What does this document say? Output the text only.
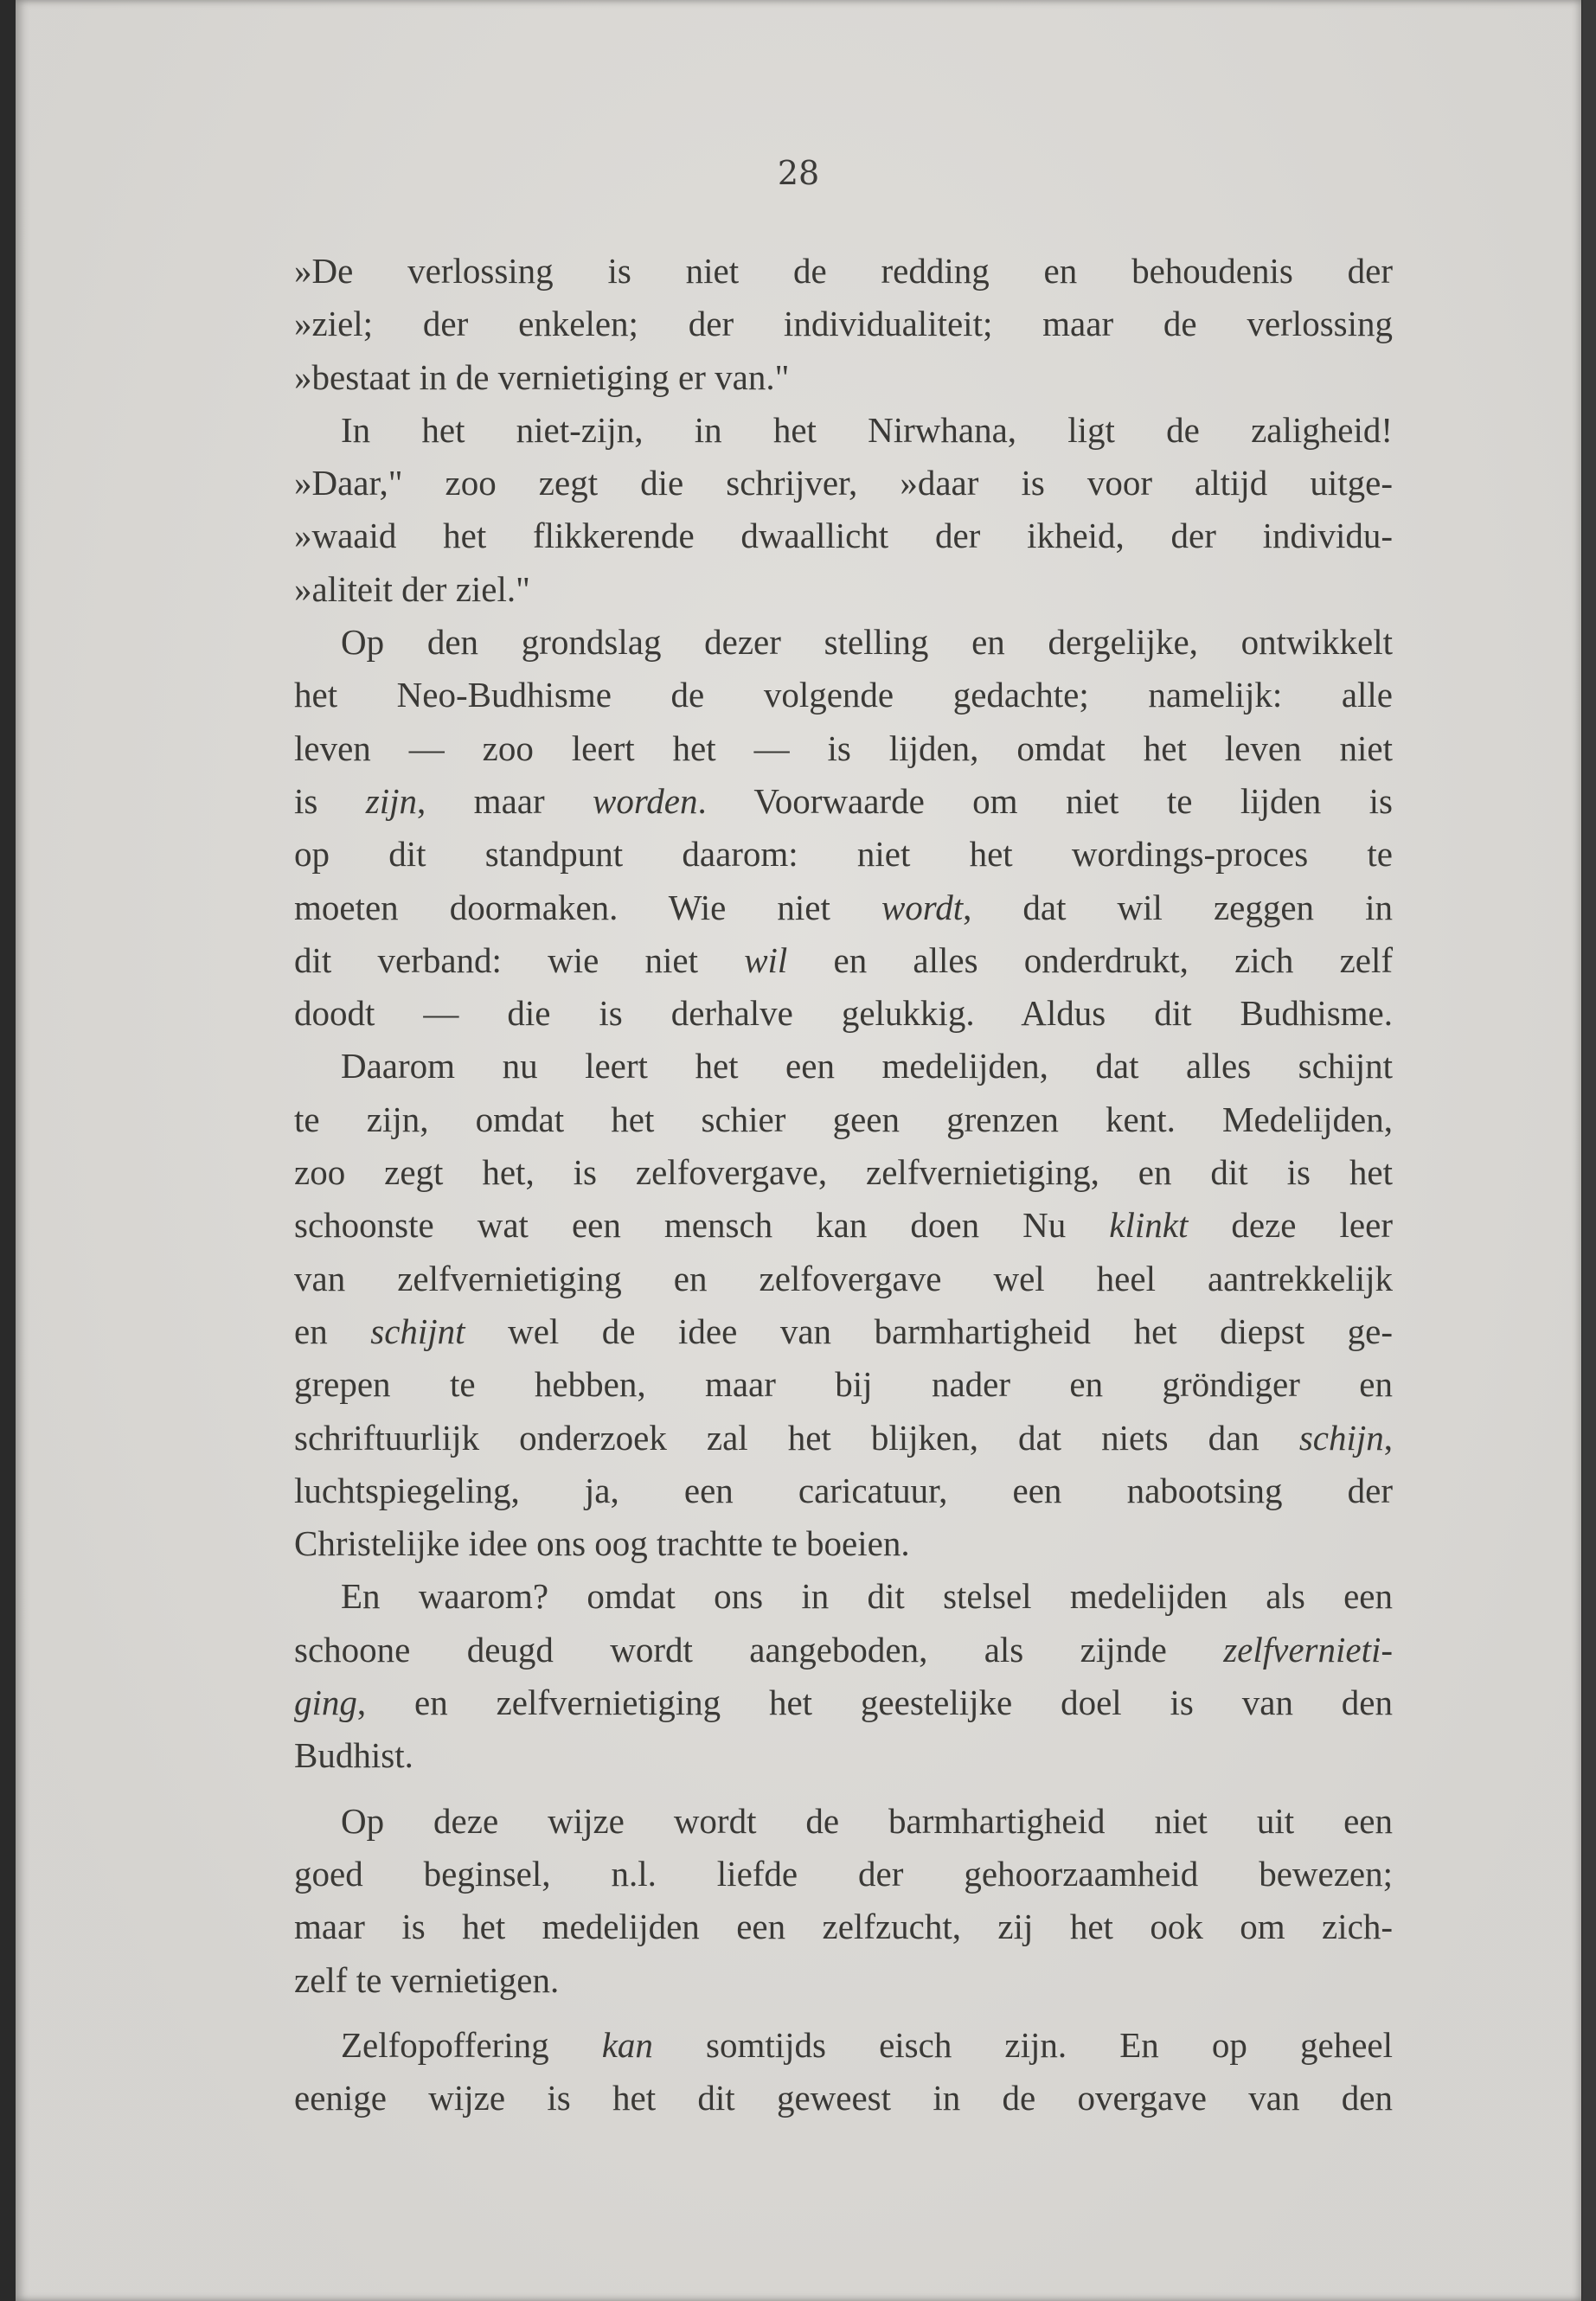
28
»De verlossing is niet de redding en behoudenis der
»ziel; der enkelen; der individualiteit; maar de verlossing
»bestaat in de vernietiging er van."
In het niet-zijn, in het Nirwhana, ligt de zaligheid!
»Daar," zoo zegt die schrijver, »daar is voor altijd uitge-
»waaid het flikkerende dwaallicht der ikheid, der individu-
»aliteit der ziel."
Op den grondslag dezer stelling en dergelijke, ontwikkelt
het Neo-Budhisme de volgende gedachte; namelijk: alle
leven — zoo leert het — is lijden, omdat het leven niet
is zijn, maar worden. Voorwaarde om niet te lijden is
op dit standpunt daarom: niet het wordings-proces te
moeten doormaken. Wie niet wordt, dat wil zeggen in
dit verband: wie niet wil en alles onderdrukt, zich zelf
doodt — die is derhalve gelukkig. Aldus dit Budhisme.
Daarom nu leert het een medelijden, dat alles schijnt
te zijn, omdat het schier geen grenzen kent. Medelijden,
zoo zegt het, is zelfovergave, zelfvernietiging, en dit is het
schoonste wat een mensch kan doen Nu klinkt deze leer
van zelfvernietiging en zelfovergave wel heel aantrekkelijk
en schijnt wel de idee van barmhartigheid het diepst ge-
grepen te hebben, maar bij nader en gröndiger en
schriftuurlijk onderzoek zal het blijken, dat niets dan schijn,
luchtspiegeling, ja, een caricatuur, een nabootsing der
Christelijke idee ons oog trachtte te boeien.
En waarom? omdat ons in dit stelsel medelijden als een
schoone deugd wordt aangeboden, als zijnde zelfvernieti-
ging, en zelfvernietiging het geestelijke doel is van den
Budhist.
Op deze wijze wordt de barmhartigheid niet uit een
goed beginsel, n.l. liefde der gehoorzaamheid bewezen;
maar is het medelijden een zelfzucht, zij het ook om zich-
zelf te vernietigen.
Zelfopoffering kan somtijds eisch zijn. En op geheel
eenige wijze is het dit geweest in de overgave van den
